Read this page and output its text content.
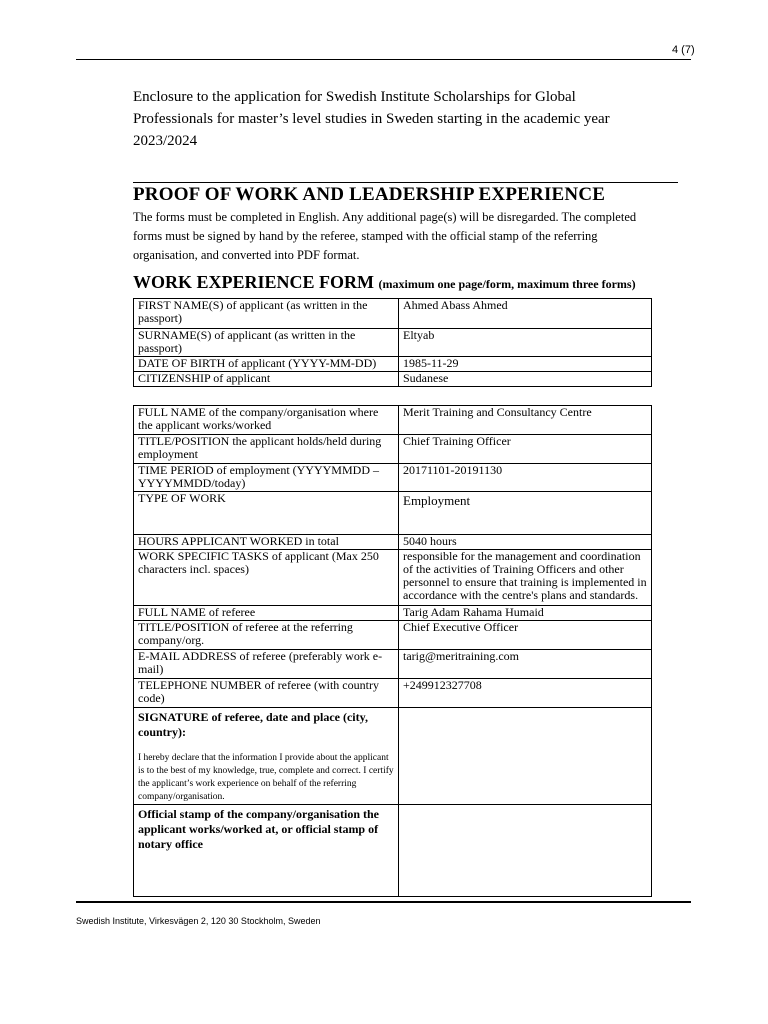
4 (7)
Enclosure to the application for Swedish Institute Scholarships for Global Professionals for master’s level studies in Sweden starting in the academic year 2023/2024
PROOF OF WORK AND LEADERSHIP EXPERIENCE
The forms must be completed in English. Any additional page(s) will be disregarded. The completed forms must be signed by hand by the referee, stamped with the official stamp of the referring organisation, and converted into PDF format.
WORK EXPERIENCE FORM (maximum one page/form, maximum three forms)
FIRST NAME(S) of applicant (as written in the passport)	Ahmed Abass Ahmed
SURNAME(S) of applicant (as written in the passport)	Eltyab
DATE OF BIRTH of applicant (YYYY-MM-DD)	1985-11-29
CITIZENSHIP of applicant	Sudanese
FULL NAME of the company/organisation where the applicant works/worked	Merit Training and Consultancy Centre
TITLE/POSITION the applicant holds/held during employment	Chief Training Officer
TIME PERIOD of employment (YYYYMMDD – YYYYMMDD/today)	20171101-20191130
TYPE OF WORK	Employment
HOURS APPLICANT WORKED in total	5040 hours
WORK SPECIFIC TASKS of applicant (Max 250 characters incl. spaces)	responsible for the management and coordination of the activities of Training Officers and other personnel to ensure that training is implemented in accordance with the centre's plans and standards.
FULL NAME of referee	Tarig Adam Rahama Humaid
TITLE/POSITION of referee at the referring company/org.	Chief Executive Officer
E-MAIL ADDRESS of referee (preferably work e-mail)	tarig@meritraining.com
TELEPHONE NUMBER of referee (with country code)	+249912327708

SIGNATURE of referee, date and place (city, country):
I hereby declare that the information I provide about the applicant is to the best of my knowledge, true, complete and correct. I certify the applicant’s work experience on behalf of the referring company/organisation.	

Official stamp of the company/organisation the applicant works/worked at, or official stamp of notary office	

Swedish Institute, Virkesvägen 2, 120 30 Stockholm, Sweden
